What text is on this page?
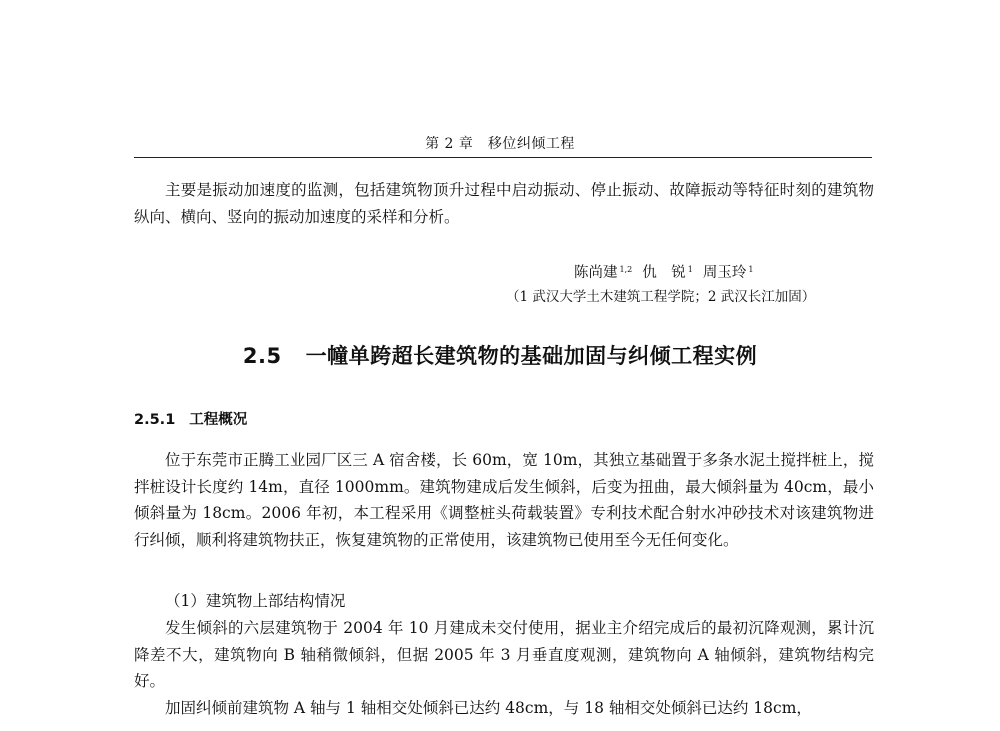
第 2 章　移位纠倾工程
主要是振动加速度的监测，包括建筑物顶升过程中启动振动、停止振动、故障振动等特征时刻的建筑物纵向、横向、竖向的振动加速度的采样和分析。
陈尚建 $^{1,2}$ 仇　锐 $^1$ 周玉玲 $^1$
（1 武汉大学土木建筑工程学院；2 武汉长江加固）
2.5 一幢单跨超长建筑物的基础加固与纠倾工程实例
2.5.1 工程概况
位于东莞市正腾工业园厂区三 A 宿舍楼，长 60m，宽 10m，其独立基础置于多条水泥土搅拌桩上，搅拌桩设计长度约 14m，直径 1000mm。建筑物建成后发生倾斜，后变为扭曲，最大倾斜量为 40cm，最小倾斜量为 18cm。2006 年初，本工程采用《调整桩头荷载装置》专利技术配合射水冲砂技术对该建筑物进行纠倾，顺利将建筑物扶正，恢复建筑物的正常使用，该建筑物已使用至今无任何变化。
（1）建筑物上部结构情况
发生倾斜的六层建筑物于 2004 年 10 月建成未交付使用，据业主介绍完成后的最初沉降观测，累计沉降差不大，建筑物向 B 轴稍微倾斜，但据 2005 年 3 月垂直度观测，建筑物向 A 轴倾斜，建筑物结构完好。
加固纠倾前建筑物 A 轴与 1 轴相交处倾斜已达约 48cm，与 18 轴相交处倾斜已达约 18cm，
